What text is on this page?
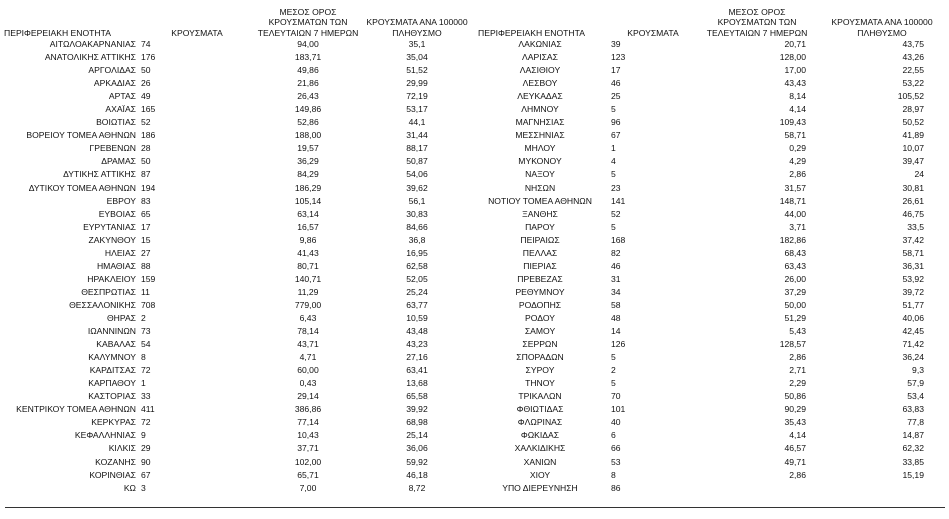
ΠΕΡΙΦΕΡΕΙΑΚΗ ΕΝΟΤΗΤΑ	ΚΡΟΥΣΜΑΤΑ	ΜΕΣΟΣ ΟΡΟΣ ΚΡΟΥΣΜΑΤΩΝ ΤΩΝ ΤΕΛΕΥΤΑΙΩΝ 7 ΗΜΕΡΩΝ	ΚΡΟΥΣΜΑΤΑ ΑΝΑ 100000 ΠΛΗΘΥΣΜΟ
ΑΙΤΩΛΟΑΚΑΡΝΑΝΙΑΣ	74	94,00	35,1
ΑΝΑΤΟΛΙΚΗΣ ΑΤΤΙΚΗΣ	176	183,71	35,04
ΑΡΓΟΛΙΔΑΣ	50	49,86	51,52
ΑΡΚΑΔΙΑΣ	26	21,86	29,99
ΑΡΤΑΣ	49	26,43	72,19
ΑΧΑΪΑΣ	165	149,86	53,17
ΒΟΙΩΤΙΑΣ	52	52,86	44,1
ΒΟΡΕΙΟΥ ΤΟΜΕΑ ΑΘΗΝΩΝ	186	188,00	31,44
ΓΡΕΒΕΝΩΝ	28	19,57	88,17
ΔΡΑΜΑΣ	50	36,29	50,87
ΔΥΤΙΚΗΣ ΑΤΤΙΚΗΣ	87	84,29	54,06
ΔΥΤΙΚΟΥ ΤΟΜΕΑ ΑΘΗΝΩΝ	194	186,29	39,62
ΕΒΡΟΥ	83	105,14	56,1
ΕΥΒΟΙΑΣ	65	63,14	30,83
ΕΥΡΥΤΑΝΙΑΣ	17	16,57	84,66
ΖΑΚΥΝΘΟΥ	15	9,86	36,8
ΗΛΕΙΑΣ	27	41,43	16,95
ΗΜΑΘΙΑΣ	88	80,71	62,58
ΗΡΑΚΛΕΙΟΥ	159	140,71	52,05
ΘΕΣΠΡΩΤΙΑΣ	11	11,29	25,24
ΘΕΣΣΑΛΟΝΙΚΗΣ	708	779,00	63,77
ΘΗΡΑΣ	2	6,43	10,59
ΙΩΑΝΝΙΝΩΝ	73	78,14	43,48
ΚΑΒΑΛΑΣ	54	43,71	43,23
ΚΑΛΥΜΝΟΥ	8	4,71	27,16
ΚΑΡΔΙΤΣΑΣ	72	60,00	63,41
ΚΑΡΠΑΘΟΥ	1	0,43	13,68
ΚΑΣΤΟΡΙΑΣ	33	29,14	65,58
ΚΕΝΤΡΙΚΟΥ ΤΟΜΕΑ ΑΘΗΝΩΝ	411	386,86	39,92
ΚΕΡΚΥΡΑΣ	72	77,14	68,98
ΚΕΦΑΛΛΗΝΙΑΣ	9	10,43	25,14
ΚΙΛΚΙΣ	29	37,71	36,06
ΚΟΖΑΝΗΣ	90	102,00	59,92
ΚΟΡΙΝΘΙΑΣ	67	65,71	46,18
ΚΩ	3	7,00	8,72
ΠΕΡΙΦΕΡΕΙΑΚΗ ΕΝΟΤΗΤΑ	ΚΡΟΥΣΜΑΤΑ	ΜΕΣΟΣ ΟΡΟΣ ΚΡΟΥΣΜΑΤΩΝ ΤΩΝ ΤΕΛΕΥΤΑΙΩΝ 7 ΗΜΕΡΩΝ	ΚΡΟΥΣΜΑΤΑ ΑΝΑ 100000 ΠΛΗΘΥΣΜΟ
ΛΑΚΩΝΙΑΣ	39	20,71	43,75
ΛΑΡΙΣΑΣ	123	128,00	43,26
ΛΑΣΙΘΙΟΥ	17	17,00	22,55
ΛΕΣΒΟΥ	46	43,43	53,22
ΛΕΥΚΑΔΑΣ	25	8,14	105,52
ΛΗΜΝΟΥ	5	4,14	28,97
ΜΑΓΝΗΣΙΑΣ	96	109,43	50,52
ΜΕΣΣΗΝΙΑΣ	67	58,71	41,89
ΜΗΛΟΥ	1	0,29	10,07
ΜΥΚΟΝΟΥ	4	4,29	39,47
ΝΑΞΟΥ	5	2,86	24
ΝΗΣΩΝ	23	31,57	30,81
ΝΟΤΙΟΥ ΤΟΜΕΑ ΑΘΗΝΩΝ	141	148,71	26,61
ΞΑΝΘΗΣ	52	44,00	46,75
ΠΑΡΟΥ	5	3,71	33,5
ΠΕΙΡΑΙΩΣ	168	182,86	37,42
ΠΕΛΛΑΣ	82	68,43	58,71
ΠΙΕΡΙΑΣ	46	63,43	36,31
ΠΡΕΒΕΖΑΣ	31	26,00	53,92
ΡΕΘΥΜΝΟΥ	34	37,29	39,72
ΡΟΔΟΠΗΣ	58	50,00	51,77
ΡΟΔΟΥ	48	51,29	40,06
ΣΑΜΟΥ	14	5,43	42,45
ΣΕΡΡΩΝ	126	128,57	71,42
ΣΠΟΡΑΔΩΝ	5	2,86	36,24
ΣΥΡΟΥ	2	2,71	9,3
ΤΗΝΟΥ	5	2,29	57,9
ΤΡΙΚΑΛΩΝ	70	50,86	53,4
ΦΘΙΩΤΙΔΑΣ	101	90,29	63,83
ΦΛΩΡΙΝΑΣ	40	35,43	77,8
ΦΩΚΙΔΑΣ	6	4,14	14,87
ΧΑΛΚΙΔΙΚΗΣ	66	46,57	62,32
ΧΑΝΙΩΝ	53	49,71	33,85
ΧΙΟΥ	8	2,86	15,19
ΥΠΟ ΔΙΕΡΕΥΝΗΣΗ	86		
